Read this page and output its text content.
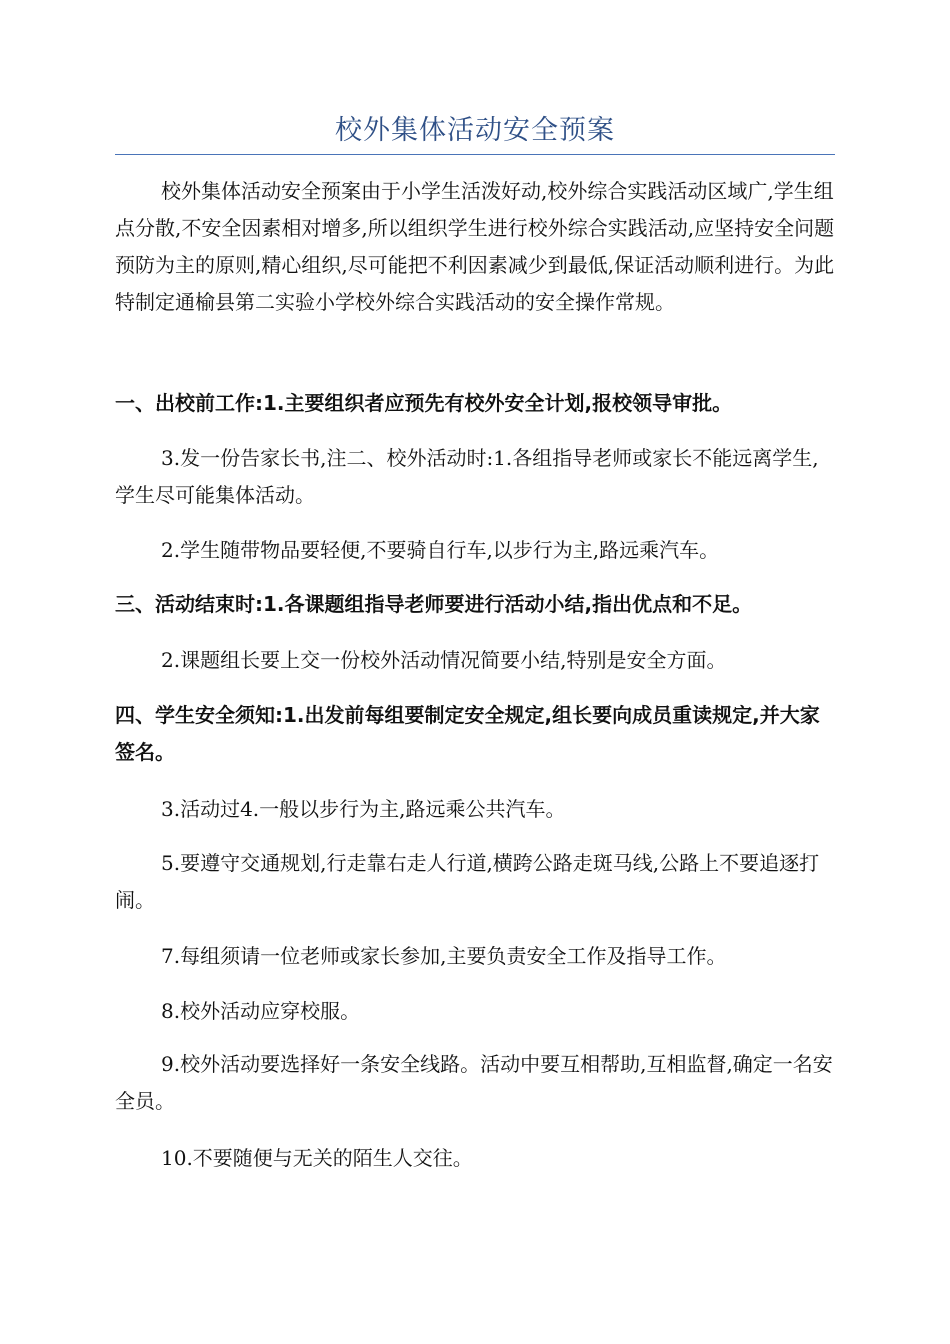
校外集体活动安全预案

校外集体活动安全预案由于小学生活泼好动,校外综合实践活动区域广,学生组点分散,不安全因素相对增多,所以组织学生进行校外综合实践活动,应坚持安全问题预防为主的原则,精心组织,尽可能把不利因素减少到最低,保证活动顺利进行。为此特制定通榆县第二实验小学校外综合实践活动的安全操作常规。

一、出校前工作:1.主要组织者应预先有校外安全计划,报校领导审批。

3.发一份告家长书,注二、校外活动时:1.各组指导老师或家长不能远离学生,学生尽可能集体活动。

2.学生随带物品要轻便,不要骑自行车,以步行为主,路远乘汽车。

三、活动结束时:1.各课题组指导老师要进行活动小结,指出优点和不足。

2.课题组长要上交一份校外活动情况简要小结,特别是安全方面。

四、学生安全须知:1.出发前每组要制定安全规定,组长要向成员重读规定,并大家签名。

3.活动过4.一般以步行为主,路远乘公共汽车。

5.要遵守交通规划,行走靠右走人行道,横跨公路走斑马线,公路上不要追逐打闹。

7.每组须请一位老师或家长参加,主要负责安全工作及指导工作。

8.校外活动应穿校服。

9.校外活动要选择好一条安全线路。活动中要互相帮助,互相监督,确定一名安全员。

10.不要随便与无关的陌生人交往。
